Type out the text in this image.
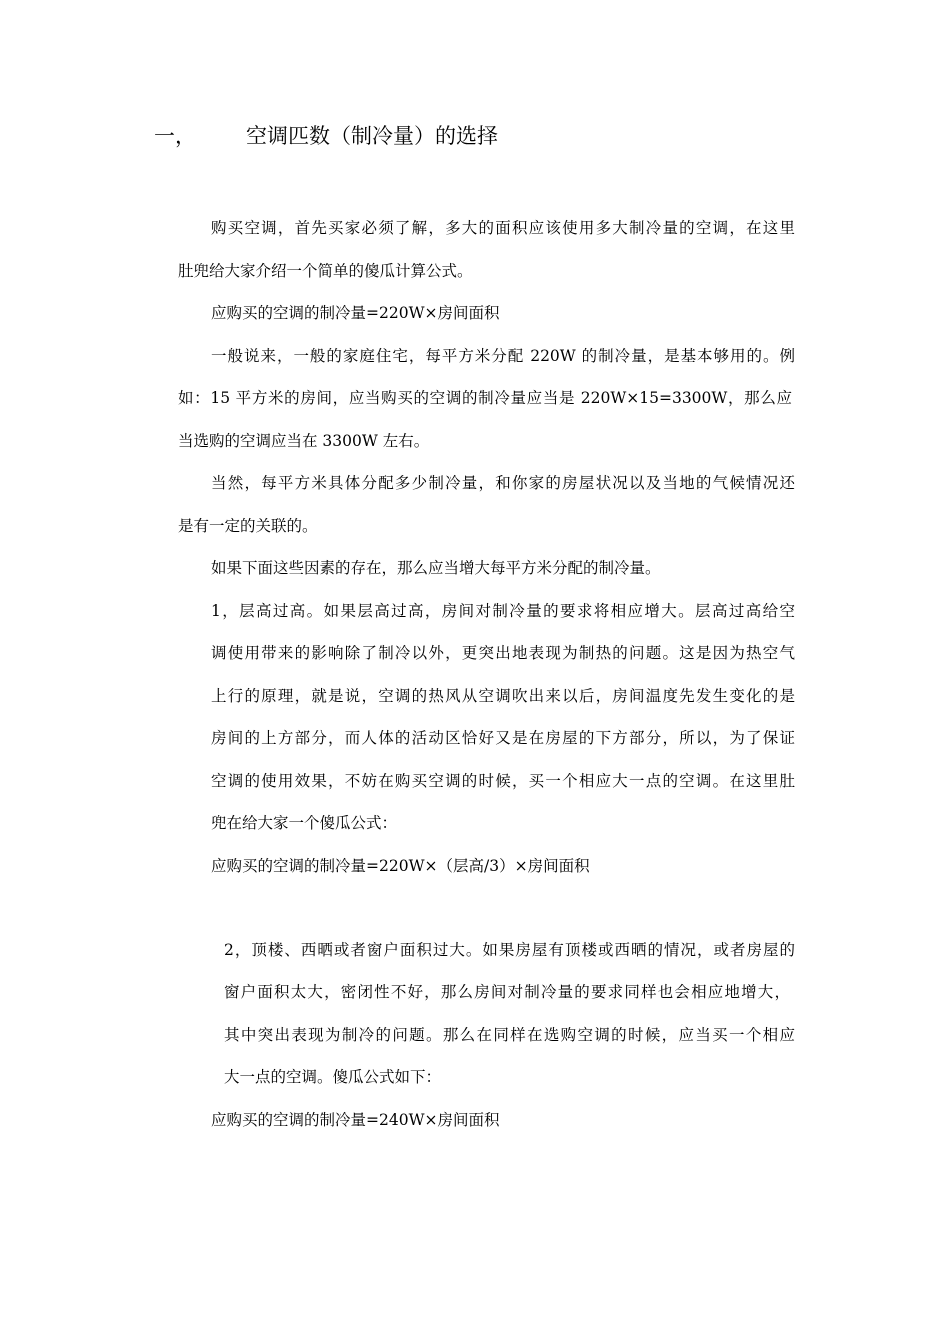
一， 空调匹数（制冷量）的选择
购买空调，首先买家必须了解，多大的面积应该使用多大制冷量的空调，在这里
肚兜给大家介绍一个简单的傻瓜计算公式。
应购买的空调的制冷量=220W×房间面积
一般说来，一般的家庭住宅，每平方米分配 220W 的制冷量，是基本够用的。例
如：15 平方米的房间，应当购买的空调的制冷量应当是 220W×15=3300W，那么应
当选购的空调应当在 3300W 左右。
当然，每平方米具体分配多少制冷量，和你家的房屋状况以及当地的气候情况还
是有一定的关联的。
如果下面这些因素的存在，那么应当增大每平方米分配的制冷量。
1，层高过高。如果层高过高，房间对制冷量的要求将相应增大。层高过高给空
调使用带来的影响除了制冷以外，更突出地表现为制热的问题。这是因为热空气
上行的原理，就是说，空调的热风从空调吹出来以后，房间温度先发生变化的是
房间的上方部分，而人体的活动区恰好又是在房屋的下方部分，所以，为了保证
空调的使用效果，不妨在购买空调的时候，买一个相应大一点的空调。在这里肚
兜在给大家一个傻瓜公式：
应购买的空调的制冷量=220W×（层高/3）×房间面积
2，顶楼、西晒或者窗户面积过大。如果房屋有顶楼或西晒的情况，或者房屋的
窗户面积太大，密闭性不好，那么房间对制冷量的要求同样也会相应地增大，
其中突出表现为制冷的问题。那么在同样在选购空调的时候，应当买一个相应
大一点的空调。傻瓜公式如下：
应购买的空调的制冷量=240W×房间面积
